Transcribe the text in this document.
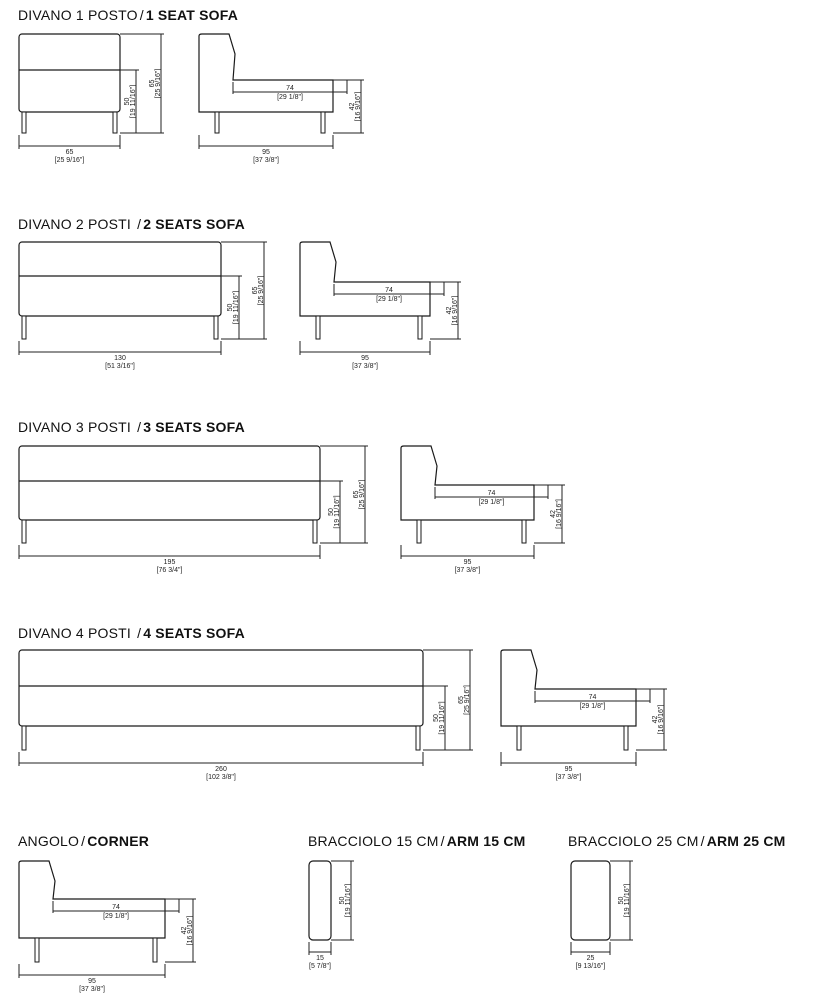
DIVANO 1 POSTO / 1 SEAT SOFA
DIVANO 2 POSTI / 2 SEATS SOFA
DIVANO 3 POSTI / 3 SEATS SOFA
DIVANO 4 POSTI / 4 SEATS SOFA
ANGOLO / CORNER	BRACCIOLO 15 CM / ARM 15 CM	BRACCIOLO 25 CM / ARM 25 CM
50 [19 11/16"]
65 [25 9/16"]
65
[25 9/16"]
74
[29 1/8"]
42 [16 9/16"]
95
[37 3/8"]
50 [19 11/16"]
65 [25 9/16"]
130
[51 3/16"]
74
[29 1/8"]
42 [16 9/16"]
95
[37 3/8"]
50 [19 11/16"]
65 [25 9/16"]
195
[76 3/4"]
74
[29 1/8"]
42 [16 9/16"]
95
[37 3/8"]
50 [19 11/16"]
65 [25 9/16"]
260
[102 3/8"]
74
[29 1/8"]
42 [16 9/16"]
95
[37 3/8"]
74
[29 1/8"]
42 [16 9/16"]
95
[37 3/8"]
50 [19 11/16"]
15
[5 7/8"]
50 [19 11/16"]
25
[9 13/16"]
